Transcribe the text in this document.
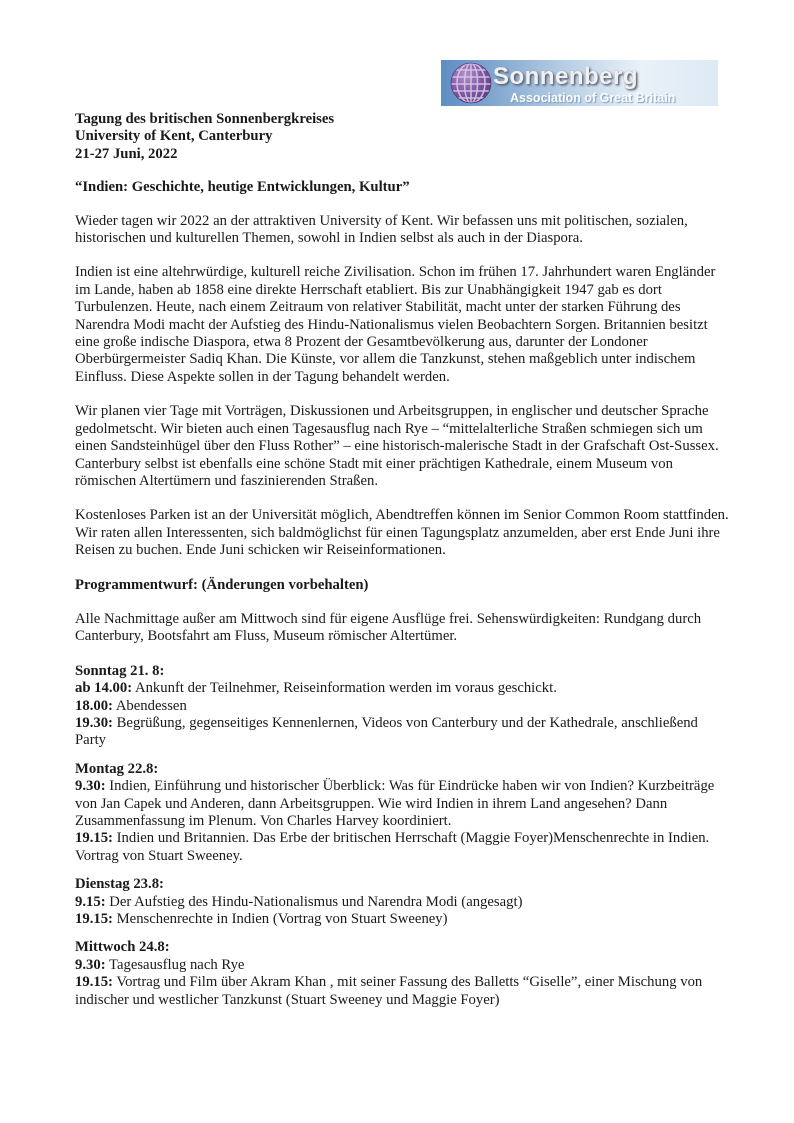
Sonnenberg
Association of Great Britain
Tagung des britischen Sonnenbergkreises
University of Kent, Canterbury
21-27 Juni, 2022
“Indien: Geschichte, heutige Entwicklungen, Kultur”

Wieder tagen wir 2022 an der attraktiven University of Kent. Wir befassen uns mit politischen, sozialen, historischen und kulturellen Themen, sowohl in Indien selbst als auch in der Diaspora.

Indien ist eine altehrwürdige, kulturell reiche Zivilisation. Schon im frühen 17. Jahrhundert waren Engländer im Lande, haben ab 1858 eine direkte Herrschaft etabliert. Bis zur Unabhängigkeit 1947 gab es dort Turbulenzen. Heute, nach einem Zeitraum von relativer Stabilität, macht unter der starken Führung des Narendra Modi macht der Aufstieg des Hindu-Nationalismus vielen Beobachtern Sorgen. Britannien besitzt eine große indische Diaspora, etwa 8 Prozent der Gesamtbevölkerung aus, darunter der Londoner Oberbürgermeister Sadiq Khan. Die Künste, vor allem die Tanzkunst, stehen maßgeblich unter indischem Einfluss. Diese Aspekte sollen in der Tagung behandelt werden.

Wir planen vier Tage mit Vorträgen, Diskussionen und Arbeitsgruppen, in englischer und deutscher Sprache gedolmetscht. Wir bieten auch einen Tagesausflug nach Rye – “mittelalterliche Straßen schmiegen sich um einen Sandsteinhügel über den Fluss Rother” – eine historisch-malerische Stadt in der Grafschaft Ost-Sussex. Canterbury selbst ist ebenfalls eine schöne Stadt mit einer prächtigen Kathedrale, einem Museum von römischen Altertümern und faszinierenden Straßen.

Kostenloses Parken ist an der Universität möglich, Abendtreffen können im Senior Common Room stattfinden. Wir raten allen Interessenten, sich baldmöglichst für einen Tagungsplatz anzumelden, aber erst Ende Juni ihre Reisen zu buchen. Ende Juni schicken wir Reiseinformationen.

Programmentwurf: (Änderungen vorbehalten)

Alle Nachmittage außer am Mittwoch sind für eigene Ausflüge frei. Sehenswürdigkeiten: Rundgang durch Canterbury, Bootsfahrt am Fluss, Museum römischer Altertümer.

Sonntag 21. 8:
ab 14.00: Ankunft der Teilnehmer, Reiseinformation werden im voraus geschickt.
18.00: Abendessen
19.30: Begrüßung, gegenseitiges Kennenlernen, Videos von Canterbury und der Kathedrale, anschließend Party
Montag 22.8:
9.30: Indien, Einführung und historischer Überblick: Was für Eindrücke haben wir von Indien? Kurzbeiträge von Jan Capek und Anderen, dann Arbeitsgruppen. Wie wird Indien in ihrem Land angesehen? Dann Zusammenfassung im Plenum. Von Charles Harvey koordiniert.
19.15: Indien und Britannien. Das Erbe der britischen Herrschaft (Maggie Foyer)Menschenrechte in Indien. Vortrag von Stuart Sweeney.
Dienstag 23.8:
9.15: Der Aufstieg des Hindu-Nationalismus und Narendra Modi (angesagt)
19.15: Menschenrechte in Indien (Vortrag von Stuart Sweeney)
Mittwoch 24.8:
9.30: Tagesausflug nach Rye
19.15: Vortrag und Film über Akram Khan , mit seiner Fassung des Balletts “Giselle”, einer Mischung von indischer und westlicher Tanzkunst (Stuart Sweeney und Maggie Foyer)
